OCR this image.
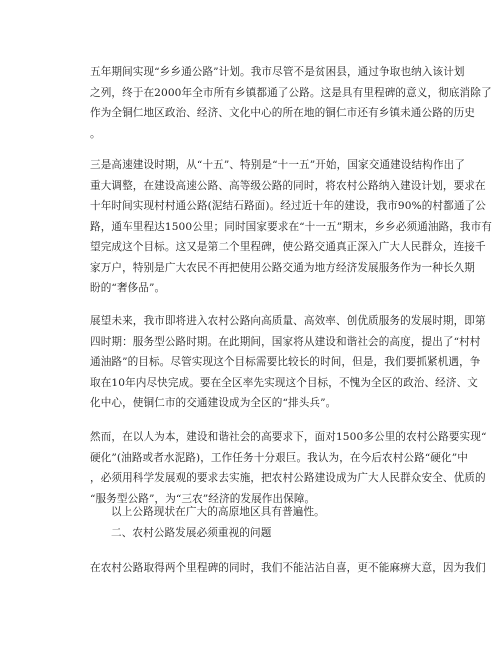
五年期间实现“乡乡通公路”计划。我市尽管不是贫困县，通过争取也纳入该计划
之列，终于在2000年全市所有乡镇都通了公路。这是具有里程碑的意义，彻底消除了
作为全铜仁地区政治、经济、文化中心的所在地的铜仁市还有乡镇未通公路的历史
。
三是高速建设时期，从“十五”、特别是“十一五”开始，国家交通建设结构作出了
重大调整，在建设高速公路、高等级公路的同时，将农村公路纳入建设计划，要求在
十年时间实现村村通公路(泥结石路面)。经过近十年的建设，我市90%的村都通了公
路，通车里程达1500公里；同时国家要求在“十一五”期末，乡乡必须通油路，我市有
望完成这个目标。这又是第二个里程碑，使公路交通真正深入广大人民群众，连接千
家万户，特别是广大农民不再把使用公路交通为地方经济发展服务作为一种长久期
盼的“奢侈品”。
展望未来，我市即将进入农村公路向高质量、高效率、创优质服务的发展时期，即第
四时期：服务型公路时期。在此期间，国家将从建设和谐社会的高度，提出了“村村
通油路”的目标。尽管实现这个目标需要比较长的时间，但是，我们要抓紧机遇，争
取在10年内尽快完成。要在全区率先实现这个目标，不愧为全区的政治、经济、文
化中心，使铜仁市的交通建设成为全区的“排头兵”。
然而，在以人为本，建设和谐社会的高要求下，面对1500多公里的农村公路要实现“
硬化”(油路或者水泥路)，工作任务十分艰巨。我认为，在今后农村公路“硬化”中
，必须用科学发展观的要求去实施，把农村公路建设成为广大人民群众安全、优质的
“服务型公路”，为“三农”经济的发展作出保障。
以上公路现状在广大的高原地区具有普遍性。
二、农村公路发展必须重视的问题
在农村公路取得两个里程碑的同时，我们不能沾沾自喜，更不能麻痹大意，因为我们
